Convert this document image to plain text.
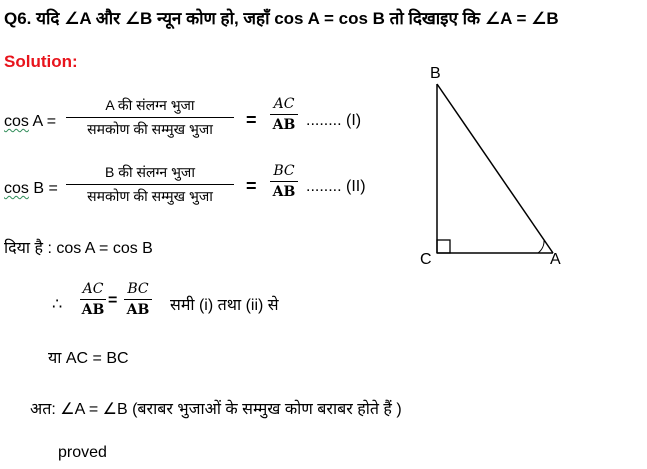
Q6. यदि ∠A और ∠B न्यून कोण हो, जहाँ cos A = cos B तो दिखाइए कि ∠A = ∠B
Solution:
cos A =
A की संलग्न भुजा
समकोण की सम्मुख भुजा	=
AC
AB ........ (I)
cos B =
B की संलग्न भुजा
समकोण की सम्मुख भुजा	=
BC
AB ........ (II)
दिया है : cos A = cos B
∴
AC
AB
=
BC
AB समी (i) तथा (ii) से
या AC = BC
अत: ∠A = ∠B (बराबर भुजाओं के सम्मुख कोण बराबर होते हैं )
proved
B
C	A
